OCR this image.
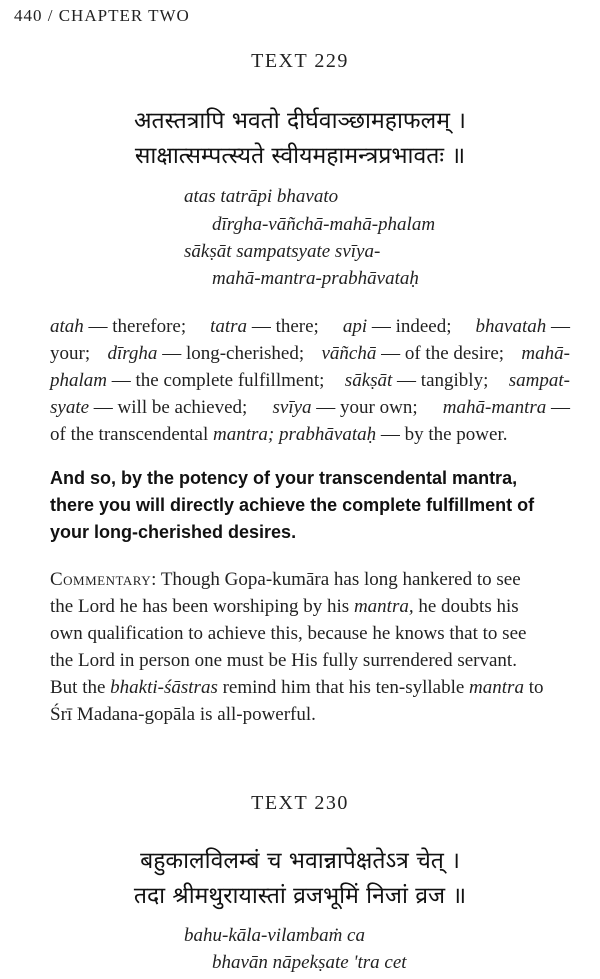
440 / CHAPTER TWO
TEXT 229
अतस्तत्रापि भवतो दीर्घवाञ्छामहाफलम् ।
साक्षात्सम्पत्स्यते स्वीयमहामन्त्रप्रभावतः ॥
atas tatrāpi bhavato
dīrgha-vāñchā-mahā-phalam
sākṣāt sampatsyate svīya-
mahā-mantra-prabhāvataḥ
atah — therefore; tatra — there; api — indeed; bhavatah —
your; dīrgha — long-cherished; vāñchā — of the desire; mahā-
phalam — the complete fulfillment; sākṣāt — tangibly; sampat-
syate — will be achieved; svīya — your own; mahā-mantra —
of the transcendental mantra; prabhāvataḥ — by the power.
And so, by the potency of your transcendental mantra,
there you will directly achieve the complete fulfillment of
your long-cherished desires.
Commentary: Though Gopa-kumāra has long hankered to see
the Lord he has been worshiping by his mantra, he doubts his
own qualification to achieve this, because he knows that to see
the Lord in person one must be His fully surrendered servant.
But the bhakti-śāstras remind him that his ten-syllable mantra to
Śrī Madana-gopāla is all-powerful.
TEXT 230
बहुकालविलम्बं च भवान्नापेक्षतेऽत्र चेत् ।
तदा श्रीमथुरायास्तां व्रजभूमिं निजां व्रज ॥
bahu-kāla-vilambaṁ ca
bhavān nāpekṣate 'tra cet
